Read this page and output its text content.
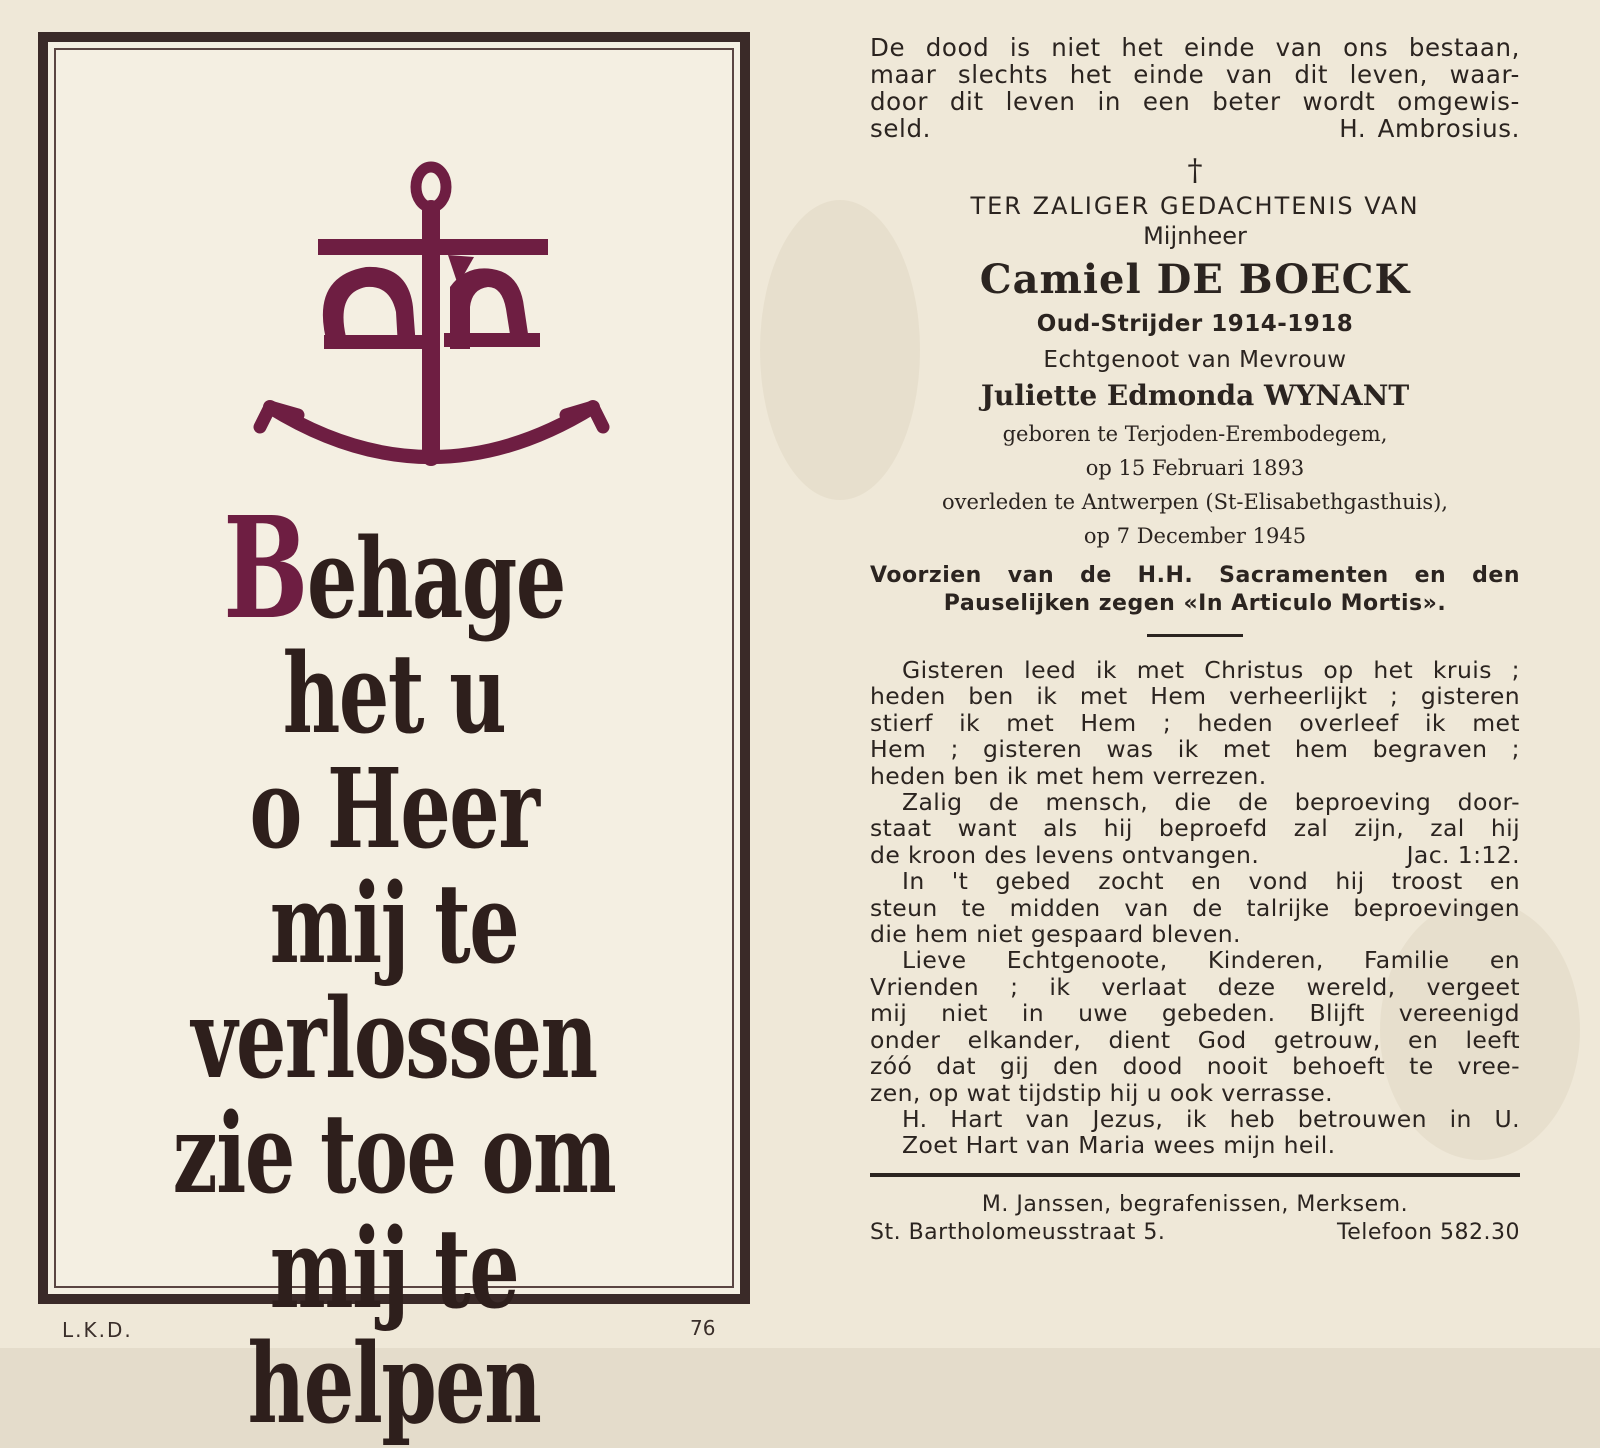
Behage het u
o Heer
mij te verlossen
zie toe om
mij te helpen
L.K.D.	76
De dood is niet het einde van ons bestaan,
maar slechts het einde van dit leven, waar-
door dit leven in een beter wordt omgewis-
seld.	H. Ambrosius.
†
TER ZALIGER GEDACHTENIS VAN
Mijnheer
Camiel DE BOECK
Oud-Strijder 1914-1918
Echtgenoot van Mevrouw
Juliette Edmonda WYNANT
geboren te Terjoden-Erembodegem,
op 15 Februari 1893
overleden te Antwerpen (St-Elisabethgasthuis),
op 7 December 1945
Voorzien van de H.H. Sacramenten en den
Pauselijken zegen «In Articulo Mortis».
Gisteren leed ik met Christus op het kruis ;
heden ben ik met Hem verheerlijkt ; gisteren
stierf ik met Hem ; heden overleef ik met
Hem ; gisteren was ik met hem begraven ;
heden ben ik met hem verrezen.
Zalig de mensch, die de beproeving door-
staat want als hij beproefd zal zijn, zal hij
de kroon des levens ontvangen.	Jac. 1:12.
In 't gebed zocht en vond hij troost en
steun te midden van de talrijke beproevingen
die hem niet gespaard bleven.
Lieve Echtgenoote, Kinderen, Familie en
Vrienden ; ik verlaat deze wereld, vergeet
mij niet in uwe gebeden. Blijft vereenigd
onder elkander, dient God getrouw, en leeft
zóó dat gij den dood nooit behoeft te vree-
zen, op wat tijdstip hij u ook verrasse.
H. Hart van Jezus, ik heb betrouwen in U.
Zoet Hart van Maria wees mijn heil.
M. Janssen, begrafenissen, Merksem.
St. Bartholomeusstraat 5.	Telefoon 582.30
